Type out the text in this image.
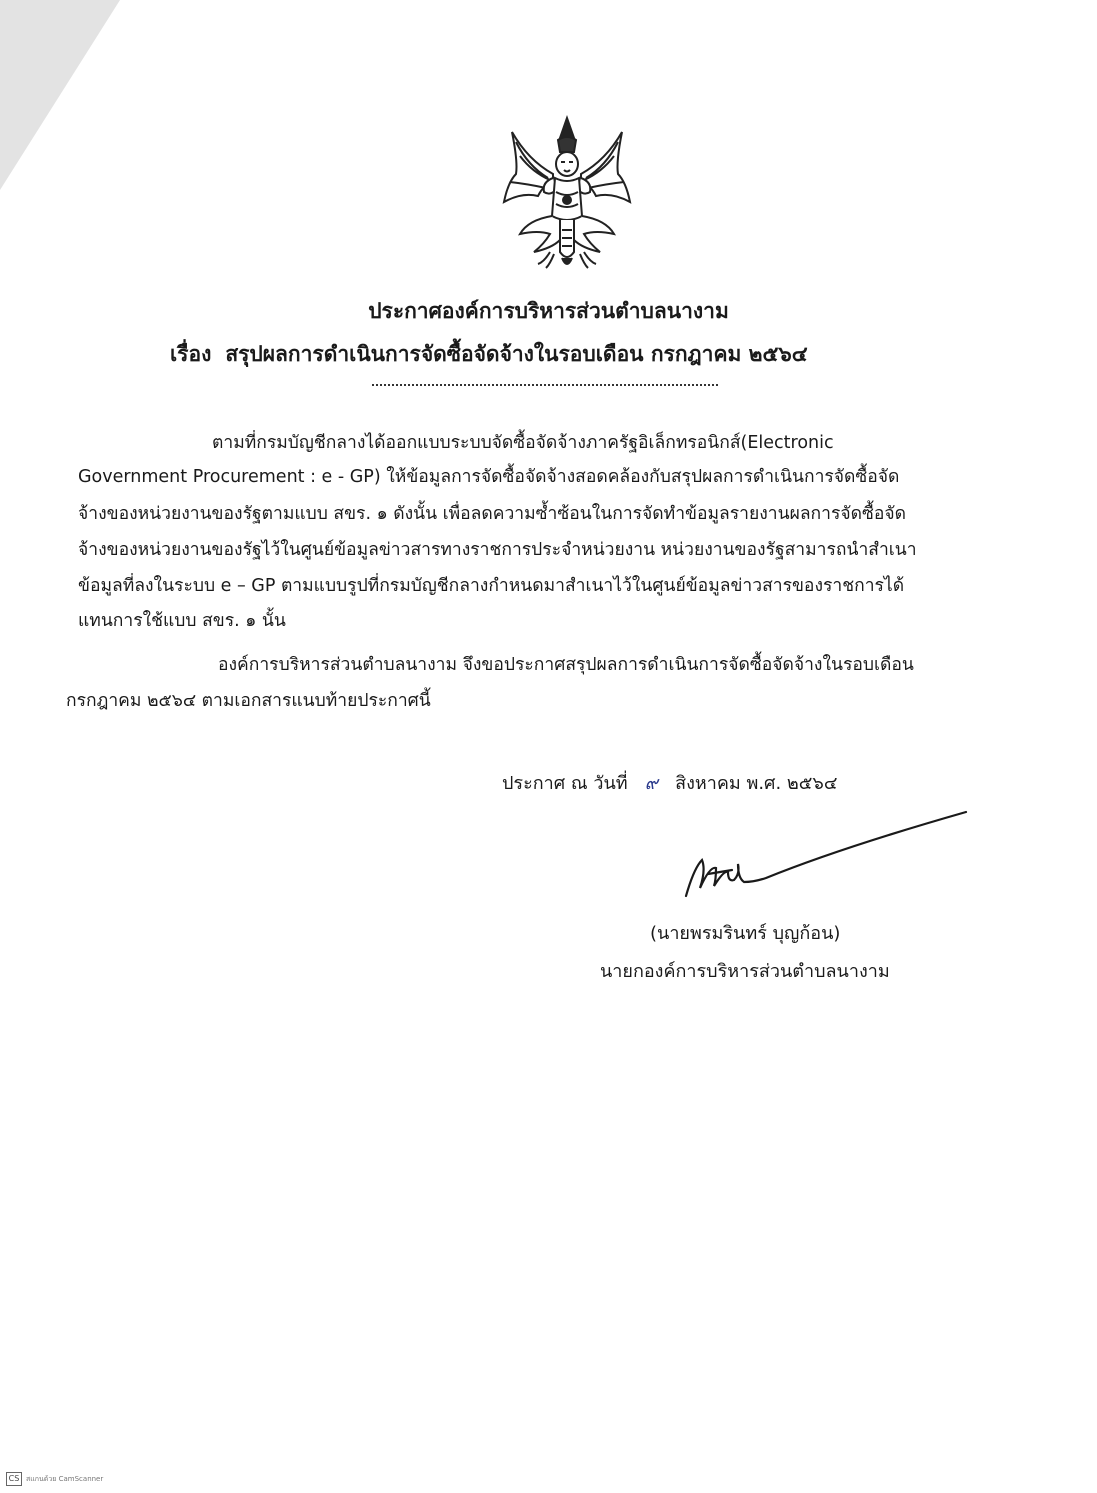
ประกาศองค์การบริหารส่วนตำบลนางาม
เรื่อง สรุปผลการดำเนินการจัดซื้อจัดจ้างในรอบเดือน กรกฎาคม ๒๕๖๔
ตามที่กรมบัญชีกลางได้ออกแบบระบบจัดซื้อจัดจ้างภาครัฐอิเล็กทรอนิกส์(Electronic
Government Procurement : e - GP) ให้ข้อมูลการจัดซื้อจัดจ้างสอดคล้องกับสรุปผลการดำเนินการจัดซื้อจัด
จ้างของหน่วยงานของรัฐตามแบบ สขร. ๑ ดังนั้น เพื่อลดความซ้ำซ้อนในการจัดทำข้อมูลรายงานผลการจัดซื้อจัด
จ้างของหน่วยงานของรัฐไว้ในศูนย์ข้อมูลข่าวสารทางราชการประจำหน่วยงาน หน่วยงานของรัฐสามารถนำสำเนา
ข้อมูลที่ลงในระบบ e – GP ตามแบบรูปที่กรมบัญชีกลางกำหนดมาสำเนาไว้ในศูนย์ข้อมูลข่าวสารของราชการได้
แทนการใช้แบบ สขร. ๑ นั้น
องค์การบริหารส่วนตำบลนางาม จึงขอประกาศสรุปผลการดำเนินการจัดซื้อจัดจ้างในรอบเดือน
กรกฎาคม ๒๕๖๔ ตามเอกสารแนบท้ายประกาศนี้
ประกาศ ณ วันที่ ๙ สิงหาคม พ.ศ. ๒๕๖๔
(นายพรมรินทร์ บุญก้อน)
นายกองค์การบริหารส่วนตำบลนางาม
CS สแกนด้วย CamScanner
